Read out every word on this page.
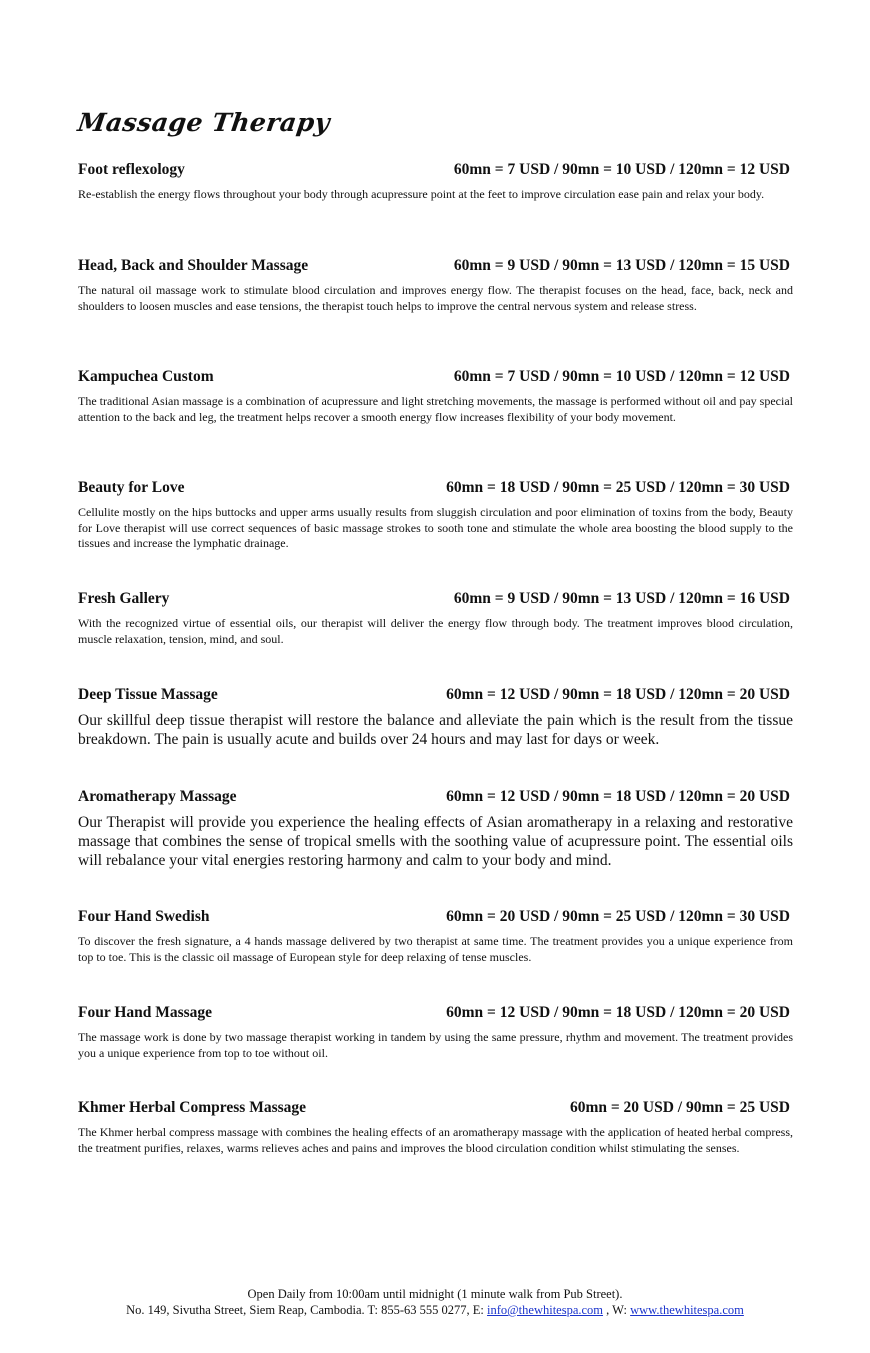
Massage Therapy
Foot reflexology	60mn = 7 USD / 90mn = 10 USD / 120mn = 12 USD
Re-establish the energy flows throughout your body through acupressure point at the feet to improve circulation ease pain and relax your body.
Head, Back and Shoulder Massage	60mn = 9 USD / 90mn = 13 USD / 120mn = 15 USD
The natural oil massage work to stimulate blood circulation and improves energy flow. The therapist focuses on the head, face, back, neck and shoulders to loosen muscles and ease tensions, the therapist touch helps to improve the central nervous system and release stress.
Kampuchea Custom	60mn = 7 USD / 90mn = 10 USD / 120mn = 12 USD
The traditional Asian massage is a combination of acupressure and light stretching movements, the massage is performed without oil and pay special attention to the back and leg, the treatment helps recover a smooth energy flow increases flexibility of your body movement.
Beauty for Love	60mn = 18 USD / 90mn = 25 USD / 120mn = 30 USD
Cellulite mostly on the hips buttocks and upper arms usually results from sluggish circulation and poor elimination of toxins from the body, Beauty for Love therapist will use correct sequences of basic massage strokes to sooth tone and stimulate the whole area boosting the blood supply to the tissues and increase the lymphatic drainage.
Fresh Gallery	60mn = 9 USD / 90mn = 13 USD / 120mn = 16 USD
With the recognized virtue of essential oils, our therapist will deliver the energy flow through body. The treatment improves blood circulation, muscle relaxation, tension, mind, and soul.
Deep Tissue Massage	60mn = 12 USD / 90mn = 18 USD / 120mn = 20 USD
Our skillful deep tissue therapist will restore the balance and alleviate the pain which is the result from the tissue breakdown. The pain is usually acute and builds over 24 hours and may last for days or week.
Aromatherapy Massage	60mn = 12 USD / 90mn = 18 USD / 120mn = 20 USD
Our Therapist will provide you experience the healing effects of Asian aromatherapy in a relaxing and restorative massage that combines the sense of tropical smells with the soothing value of acupressure point. The essential oils will rebalance your vital energies restoring harmony and calm to your body and mind.
Four Hand Swedish	60mn = 20 USD / 90mn = 25 USD / 120mn = 30 USD
To discover the fresh signature, a 4 hands massage delivered by two therapist at same time. The treatment provides you a unique experience from top to toe. This is the classic oil massage of European style for deep relaxing of tense muscles.
Four Hand Massage	60mn = 12 USD / 90mn = 18 USD / 120mn = 20 USD
The massage work is done by two massage therapist working in tandem by using the same pressure, rhythm and movement. The treatment provides you a unique experience from top to toe without oil.
Khmer Herbal Compress Massage	60mn = 20 USD / 90mn = 25 USD
The Khmer herbal compress massage with combines the healing effects of an aromatherapy massage with the application of heated herbal compress, the treatment purifies, relaxes, warms relieves aches and pains and improves the blood circulation condition whilst stimulating the senses.
Open Daily from 10:00am until midnight (1 minute walk from Pub Street).
No. 149, Sivutha Street, Siem Reap, Cambodia. T: 855-63 555 0277, E: info@thewhitespa.com , W: www.thewhitespa.com
